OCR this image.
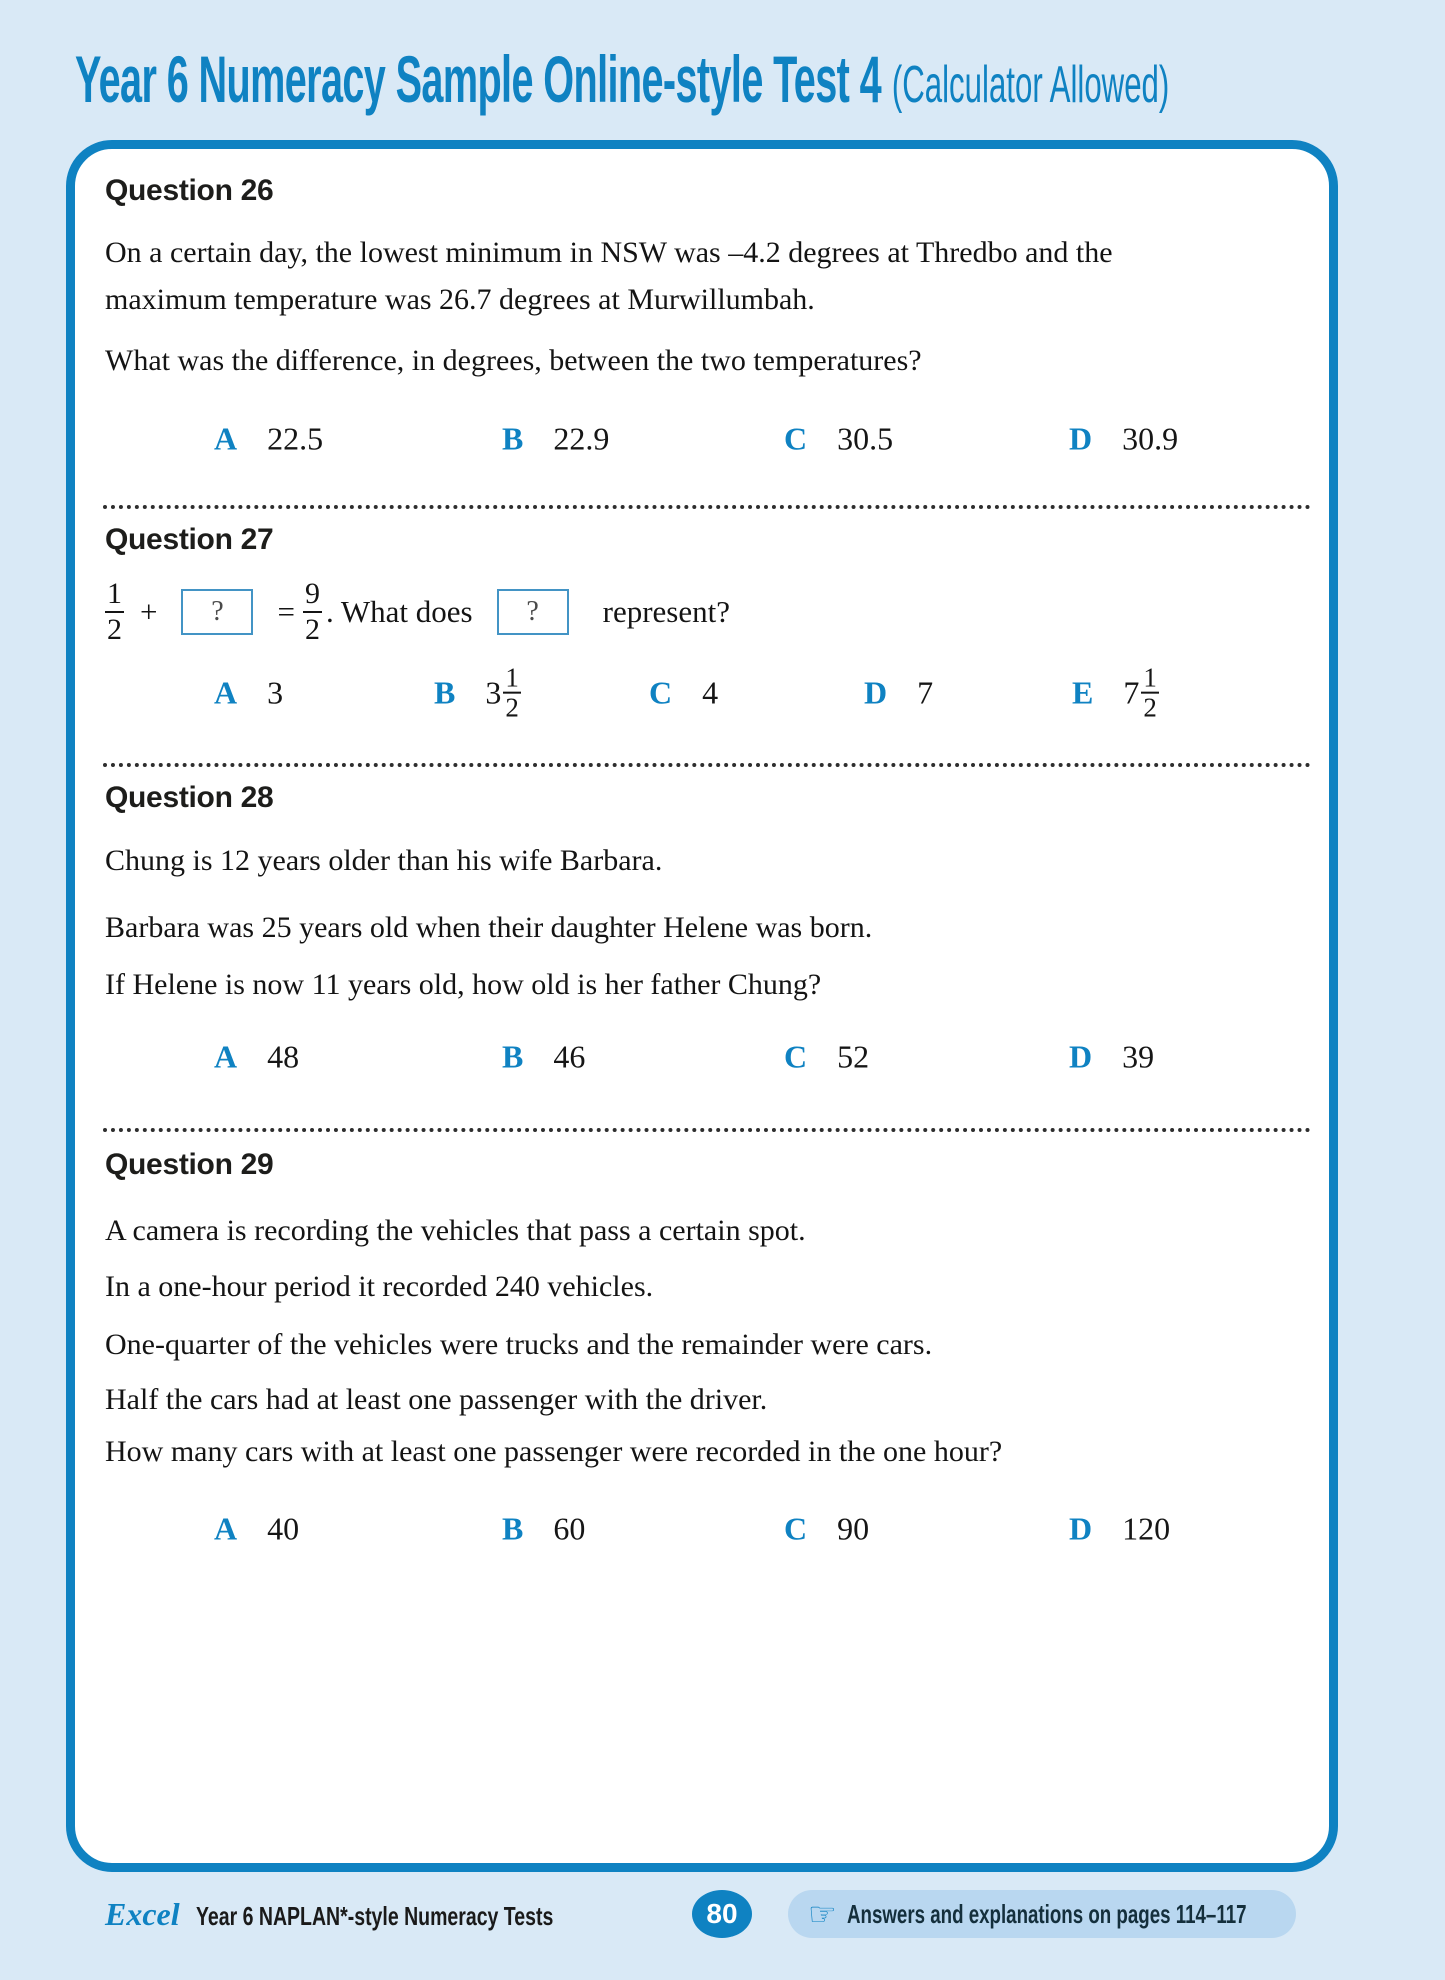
Year 6 Numeracy Sample Online-style Test 4 (Calculator Allowed)
Question 26
On a certain day, the lowest minimum in NSW was –4.2 degrees at Thredbo and the
maximum temperature was 26.7 degrees at Murwillumbah.
What was the difference, in degrees, between the two temperatures?
A 22.5	B 22.9	C 30.5	D 30.9
Question 27
$\frac{1}{2}$ + ? = $\frac{9}{2}$ . What does ? represent?
A 3	B $3 \frac{1}{2}$	C 4	D 7	E $7 \frac{1}{2}$
Question 28
Chung is 12 years older than his wife Barbara.
Barbara was 25 years old when their daughter Helene was born.
If Helene is now 11 years old, how old is her father Chung?
A 48	B 46	C 52	D 39
Question 29
A camera is recording the vehicles that pass a certain spot.
In a one-hour period it recorded 240 vehicles.
One-quarter of the vehicles were trucks and the remainder were cars.
Half the cars had at least one passenger with the driver.
How many cars with at least one passenger were recorded in the one hour?
A 40	B 60	C 90	D 120
Excel Year 6 NAPLAN*-style Numeracy Tests	80	☞ Answers and explanations on pages 114–117
